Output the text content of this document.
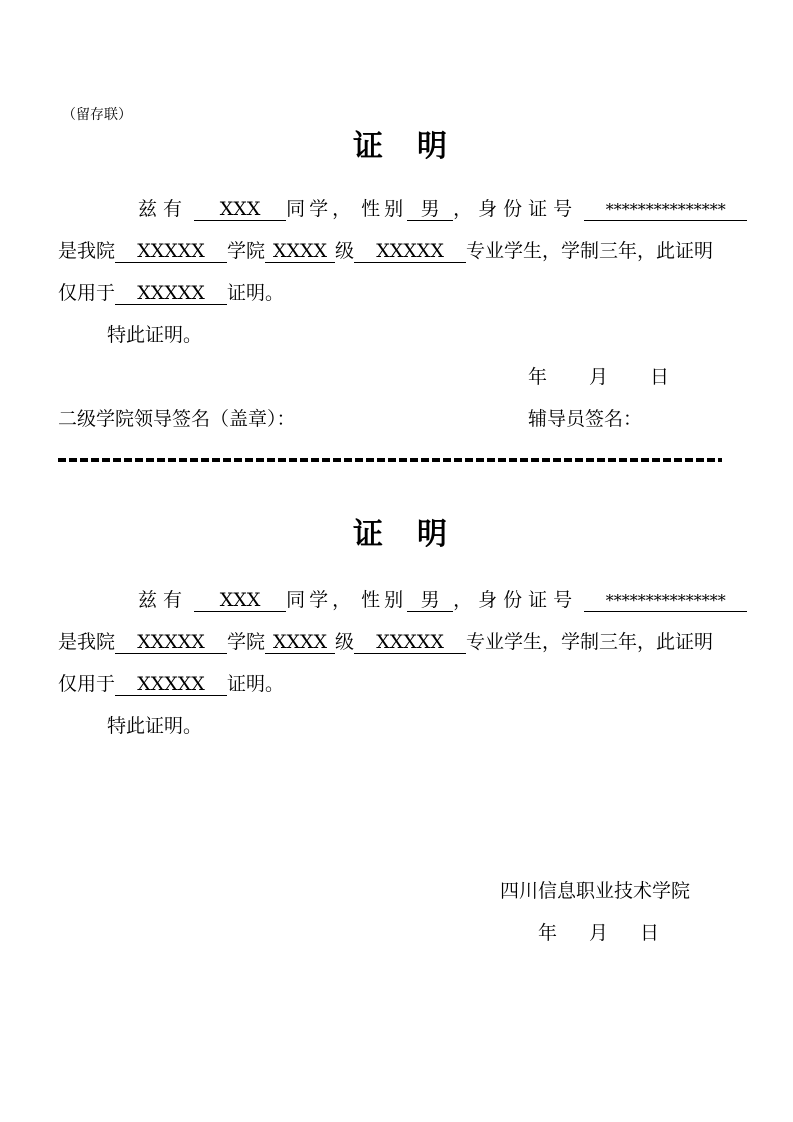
（留存联）
证 明
兹有 XXX 同学， 性别 男 ，身份证号 ***************
是我院 XXXXX 学院 XXXX 级 XXXXX 专业学生，学制三年，此证明
仅用于 XXXXX 证明。
特此证明。
年 月 日
二级学院领导签名（盖章）：	辅导员签名：
证 明
兹有 XXX 同学， 性别 男 ，身份证号 ***************
是我院 XXXXX 学院 XXXX 级 XXXXX 专业学生，学制三年，此证明
仅用于 XXXXX 证明。
特此证明。
四川信息职业技术学院
年 月 日
